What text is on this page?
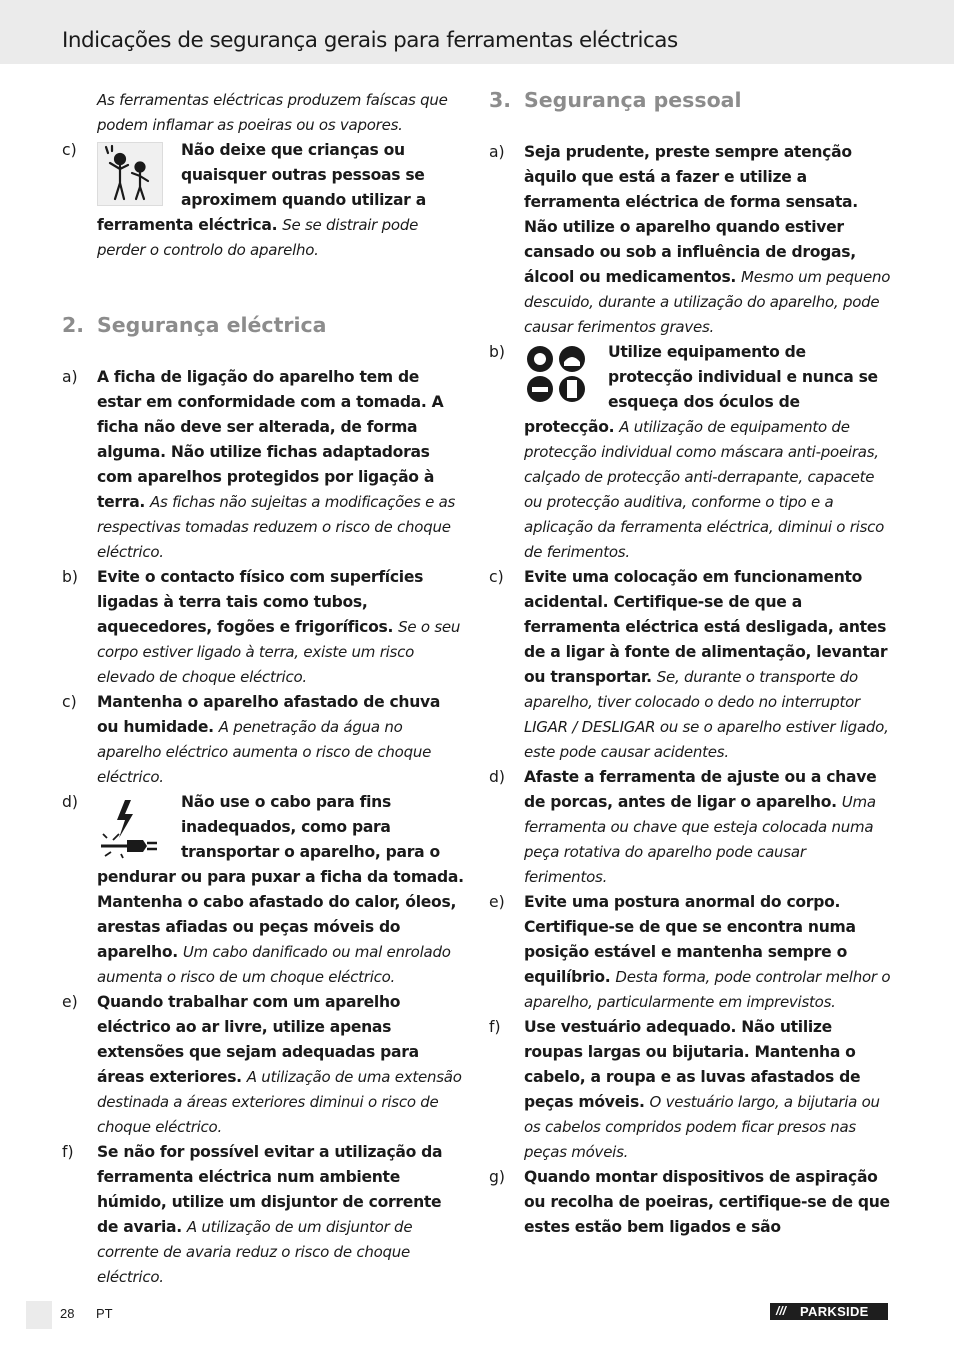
Indicações de segurança gerais para ferramentas eléctricas
As ferramentas eléctricas produzem faíscas que podem inflamar as poeiras ou os vapores.
c)	Não deixe que crianças ou quaisquer outras pessoas se aproximem quando utilizar a ferramenta eléctrica. Se se distrair pode perder o controlo do aparelho.
2. Segurança eléctrica
a) A ficha de ligação do aparelho tem de estar em conformidade com a tomada. A ficha não deve ser alterada, de forma alguma. Não utilize fichas adaptadoras com aparelhos protegidos por ligação à terra. As fichas não sujeitas a modificações e as respectivas tomadas reduzem o risco de choque eléctrico.
b) Evite o contacto físico com superfícies ligadas à terra tais como tubos, aquecedores, fogões e frigoríficos. Se o seu corpo estiver ligado à terra, existe um risco elevado de choque eléctrico.
c) Mantenha o aparelho afastado de chuva ou humidade. A penetração da água no aparelho eléctrico aumenta o risco de choque eléctrico.
d)	Não use o cabo para fins inadequados, como para transportar o aparelho, para o pendurar ou para puxar a ficha da tomada. Mantenha o cabo afastado do calor, óleos, arestas afiadas ou peças móveis do aparelho. Um cabo danificado ou mal enrolado aumenta o risco de um choque eléctrico.
e) Quando trabalhar com um aparelho eléctrico ao ar livre, utilize apenas extensões que sejam adequadas para áreas exteriores. A utilização de uma extensão destinada a áreas exteriores diminui o risco de choque eléctrico.
f) Se não for possível evitar a utilização da ferramenta eléctrica num ambiente húmido, utilize um disjuntor de corrente de avaria. A utilização de um disjuntor de corrente de avaria reduz o risco de choque eléctrico.
3. Segurança pessoal
a) Seja prudente, preste sempre atenção àquilo que está a fazer e utilize a ferramenta eléctrica de forma sensata. Não utilize o aparelho quando estiver cansado ou sob a influência de drogas, álcool ou medicamentos. Mesmo um pequeno descuido, durante a utilização do aparelho, pode causar ferimentos graves.
b)	Utilize equipamento de protecção individual e nunca se esqueça dos óculos de protecção. A utilização de equipamento de protecção individual como máscara anti-poeiras, calçado de protecção anti-derrapante, capacete ou protecção auditiva, conforme o tipo e a aplicação da ferramenta eléctrica, diminui o risco de ferimentos.
c) Evite uma colocação em funcionamento acidental. Certifique-se de que a ferramenta eléctrica está desligada, antes de a ligar à fonte de alimentação, levantar ou transportar. Se, durante o transporte do aparelho, tiver colocado o dedo no interruptor LIGAR / DESLIGAR ou se o aparelho estiver ligado, este pode causar acidentes.
d) Afaste a ferramenta de ajuste ou a chave de porcas, antes de ligar o aparelho. Uma ferramenta ou chave que esteja colocada numa peça rotativa do aparelho pode causar ferimentos.
e) Evite uma postura anormal do corpo. Certifique-se de que se encontra numa posição estável e mantenha sempre o equilíbrio. Desta forma, pode controlar melhor o aparelho, particularmente em imprevistos.
f) Use vestuário adequado. Não utilize roupas largas ou bijutaria. Mantenha o cabelo, a roupa e as luvas afastados de peças móveis. O vestuário largo, a bijutaria ou os cabelos compridos podem ficar presos nas peças móveis.
g) Quando montar dispositivos de aspiração ou recolha de poeiras, certifique-se de que estes estão bem ligados e são
28 PT	/// PARKSIDE
